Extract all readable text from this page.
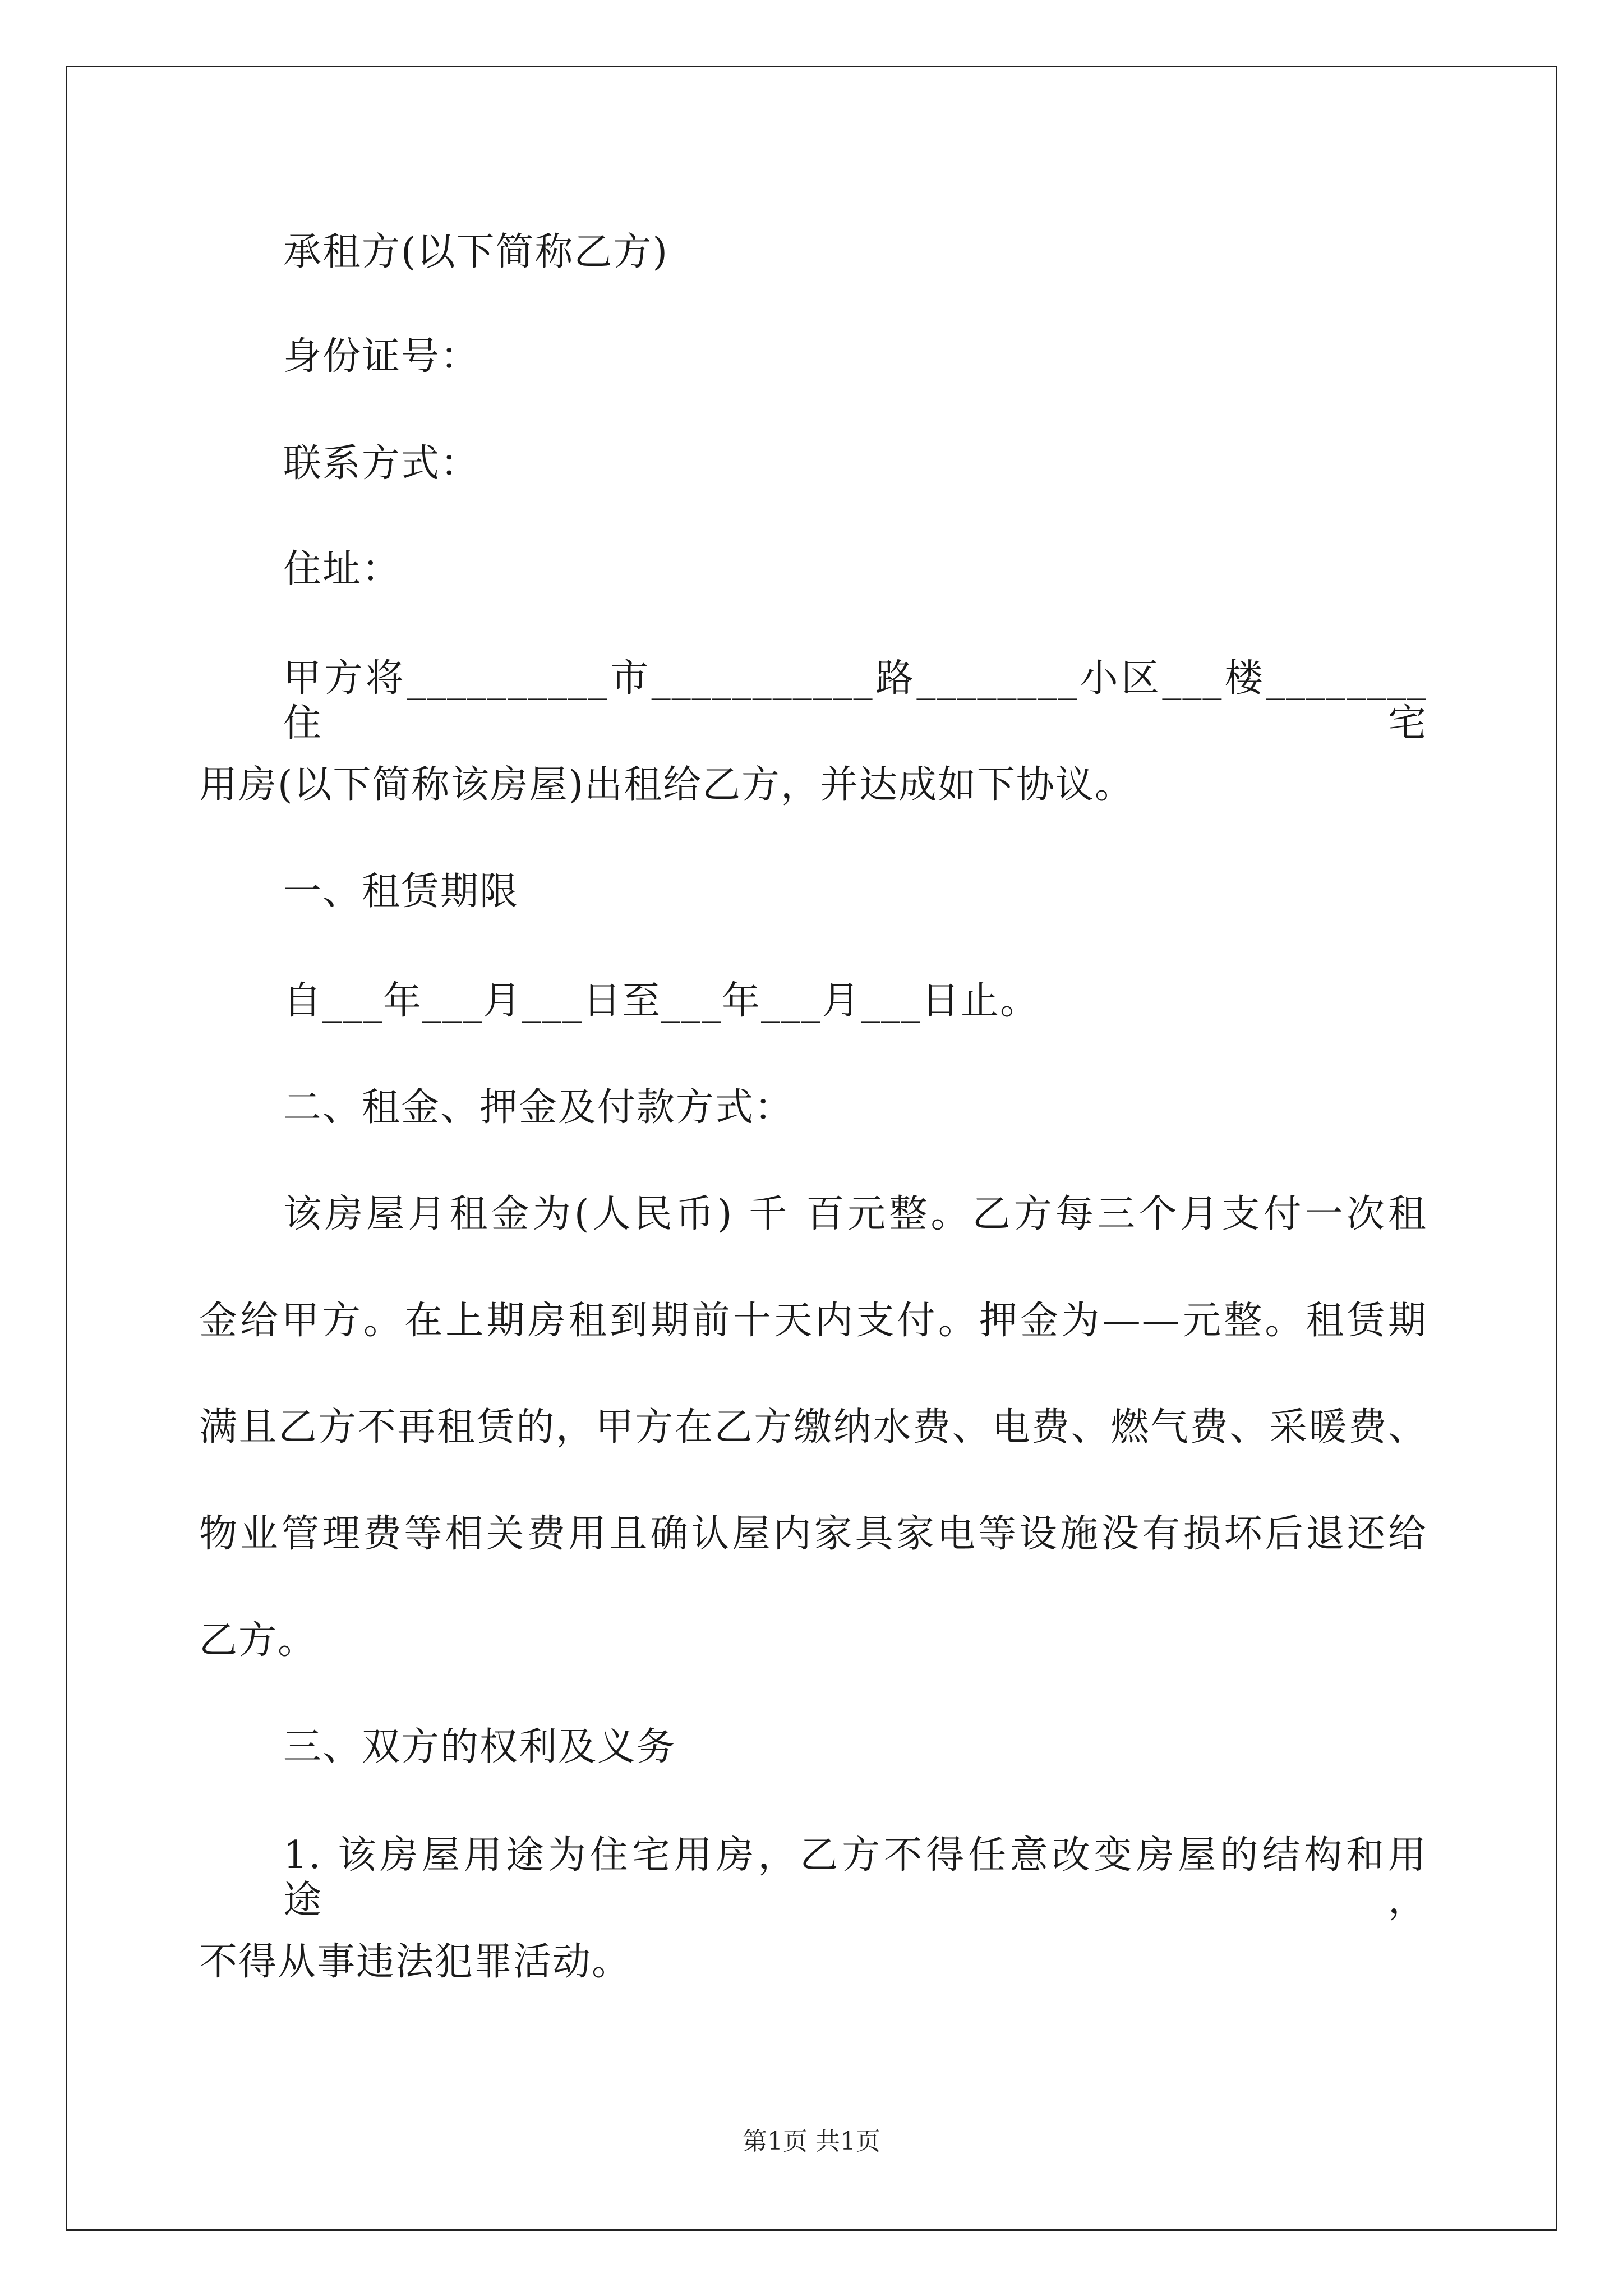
承租方(以下简称乙方)
身份证号：
联系方式：
住址：
甲方将__________市___________路________小区___楼________住宅
用房(以下简称该房屋)出租给乙方，并达成如下协议。
一、租赁期限
自___年___月___日至___年___月___日止。
二、租金、押金及付款方式：
该房屋月租金为(人民币) 千 百元整。乙方每三个月支付一次租
金给甲方。在上期房租到期前十天内支付。押金为——元整。租赁期
满且乙方不再租赁的，甲方在乙方缴纳水费、电费、燃气费、采暖费、
物业管理费等相关费用且确认屋内家具家电等设施没有损坏后退还给
乙方。
三、双方的权利及义务
1. 该房屋用途为住宅用房，乙方不得任意改变房屋的结构和用途，
不得从事违法犯罪活动。
第1页 共1页
